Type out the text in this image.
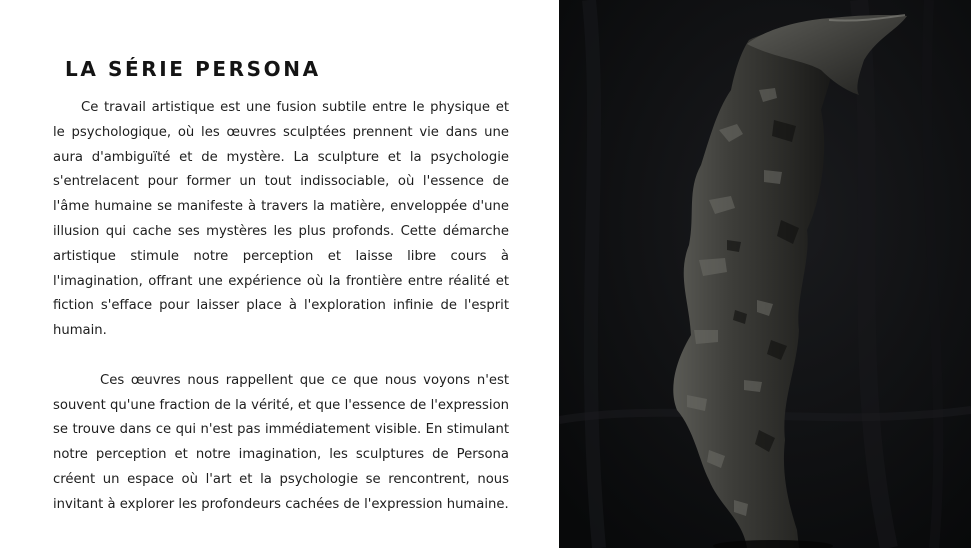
LA SÉRIE PERSONA

Ce travail artistique est une fusion subtile entre le physique et le psychologique, où les œuvres sculptées prennent vie dans une aura d'ambiguïté et de mystère. La sculpture et la psychologie s'entrelacent pour former un tout indissociable, où l'essence de l'âme humaine se manifeste à travers la matière, enveloppée d'une illusion qui cache ses mystères les plus profonds. Cette démarche artistique stimule notre perception et laisse libre cours à l'imagination, offrant une expérience où la frontière entre réalité et fiction s'efface pour laisser place à l'exploration infinie de l'esprit humain.

Ces œuvres nous rappellent que ce que nous voyons n'est souvent qu'une fraction de la vérité, et que l'essence de l'expression se trouve dans ce qui n'est pas immédiatement visible. En stimulant notre perception et notre imagination, les sculptures de Persona créent un espace où l'art et la psychologie se rencontrent, nous invitant à explorer les profondeurs cachées de l'expression humaine.
